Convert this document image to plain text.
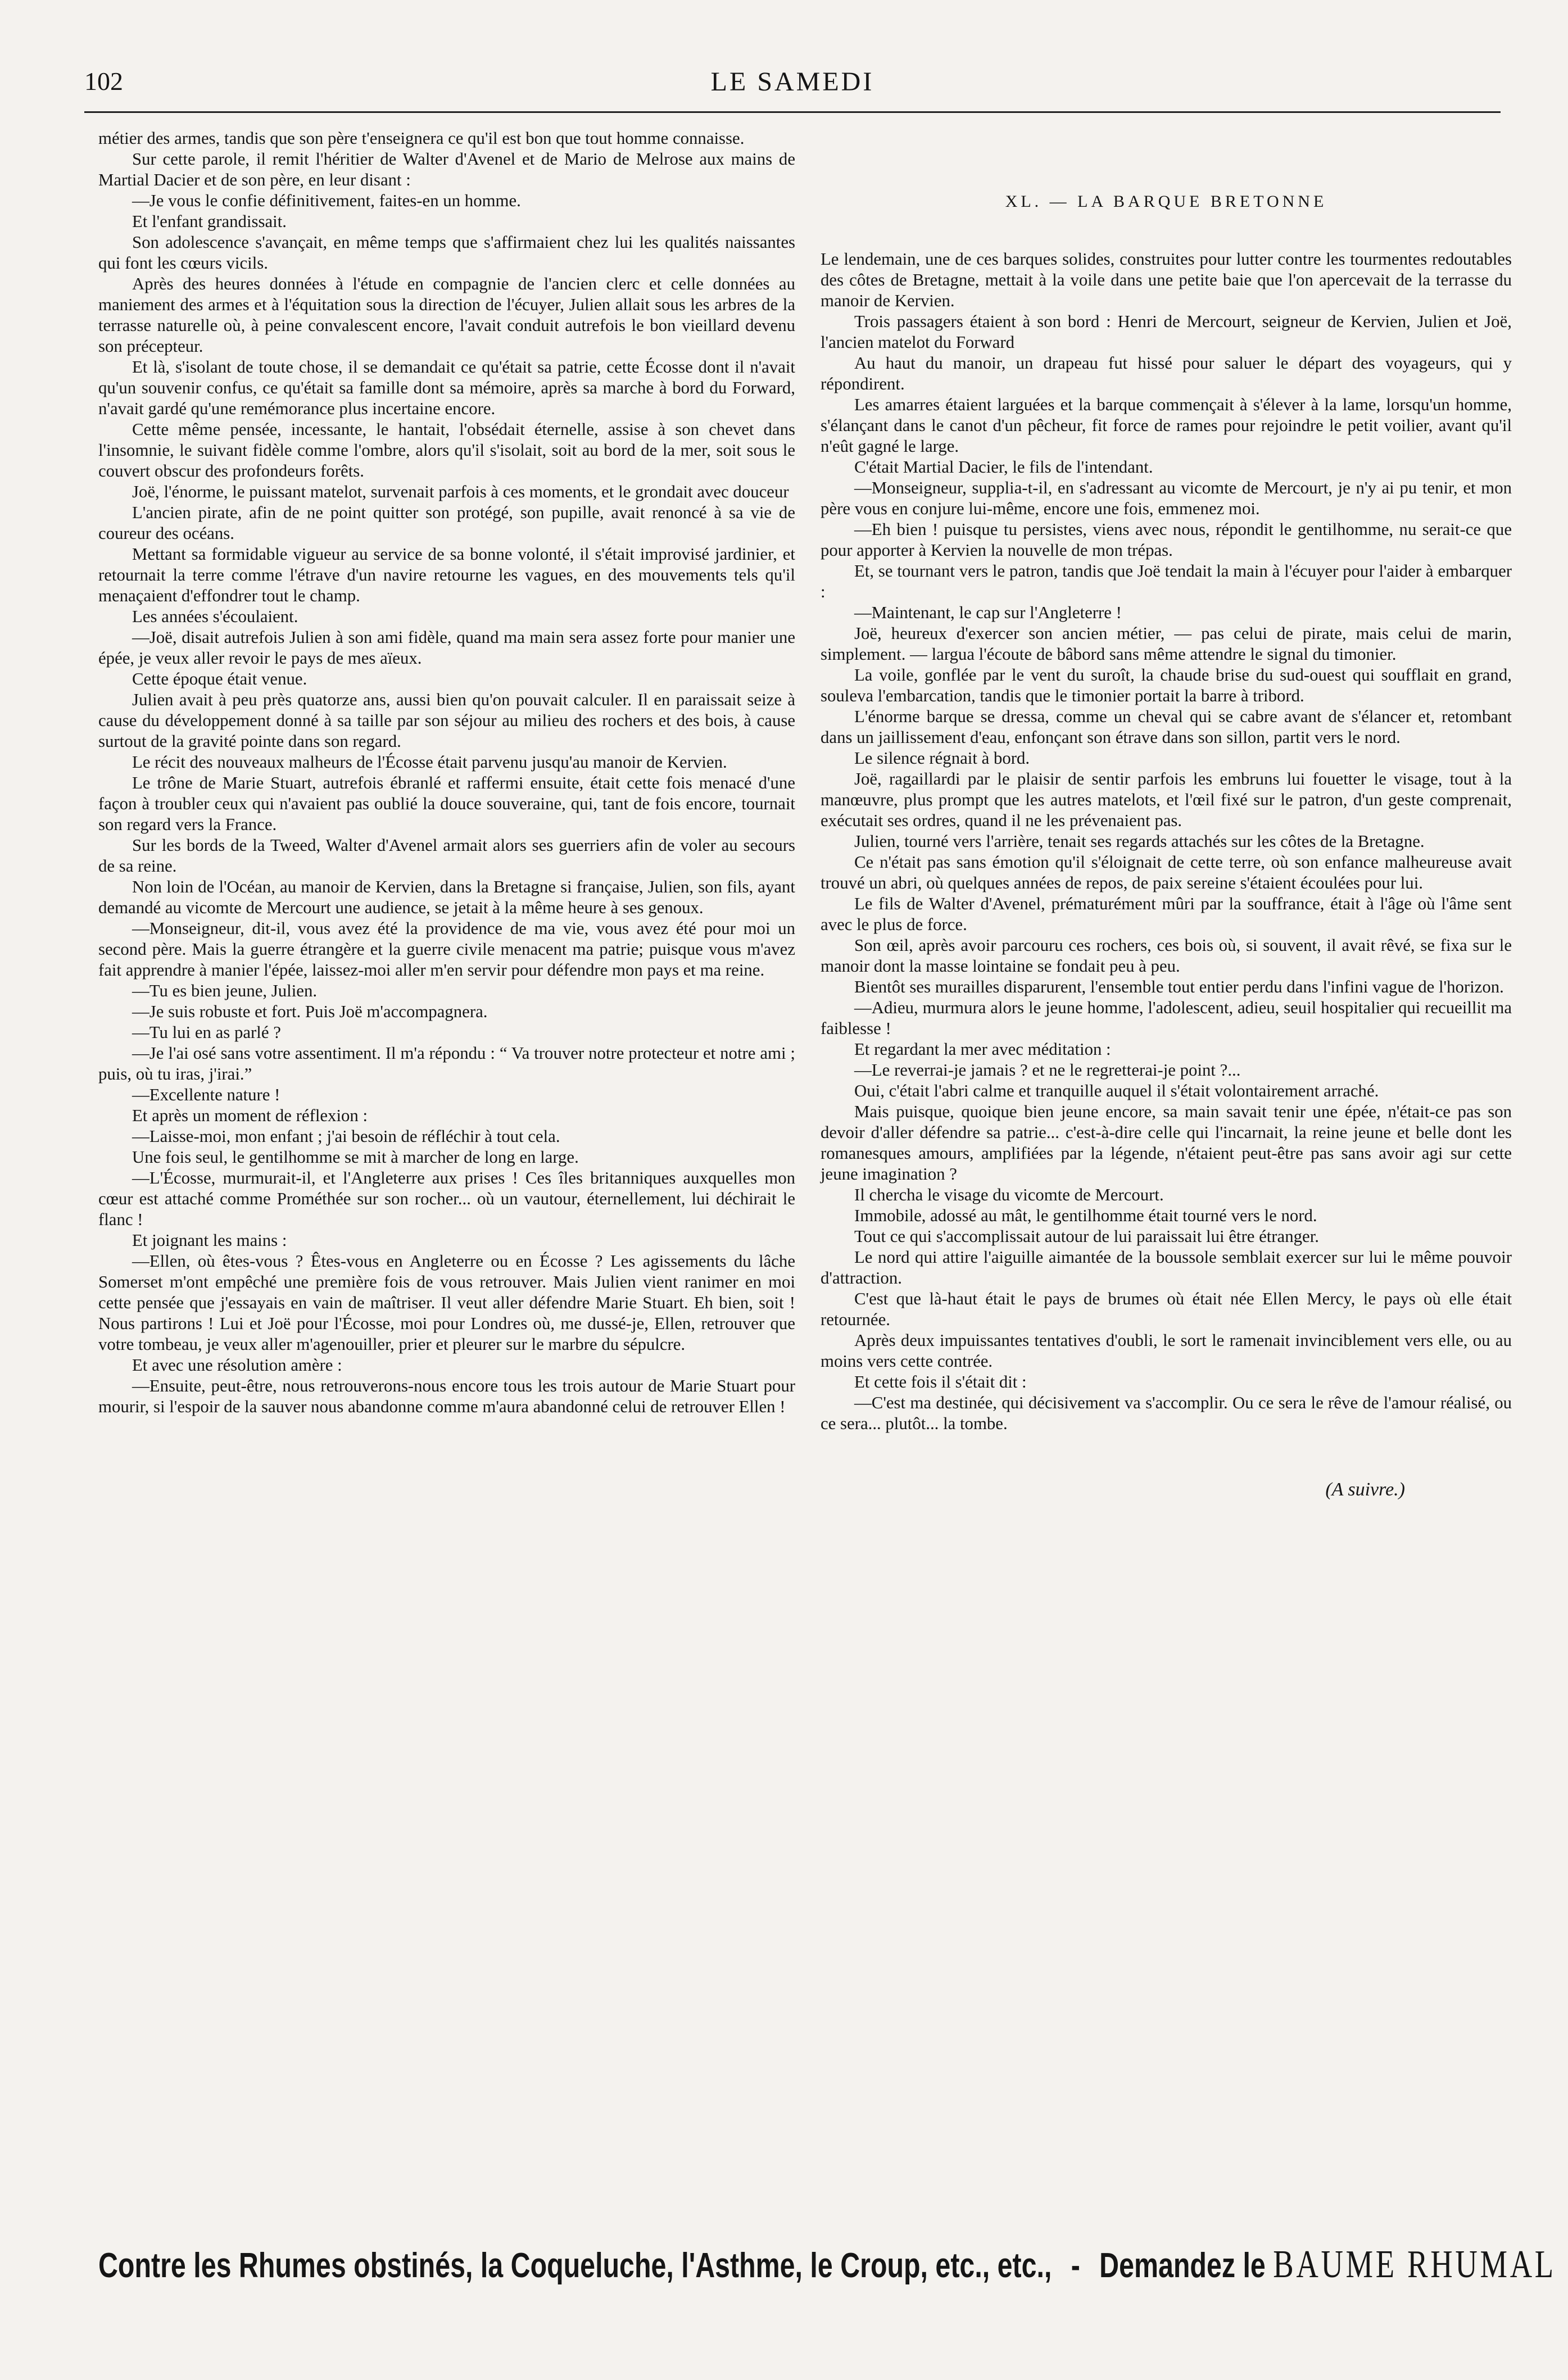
102	LE SAMEDI

métier des armes, tandis que son père t'enseignera ce qu'il est bon que tout homme connaisse.

Sur cette parole, il remit l'héritier de Walter d'Avenel et de Mario de Melrose aux mains de Martial Dacier et de son père, en leur disant :

—Je vous le confie définitivement, faites-en un homme.

Et l'enfant grandissait.

Son adolescence s'avançait, en même temps que s'affirmaient chez lui les qualités naissantes qui font les cœurs vicils.

Après des heures données à l'étude en compagnie de l'ancien clerc et celle données au maniement des armes et à l'équitation sous la direction de l'écuyer, Julien allait sous les arbres de la terrasse naturelle où, à peine convalescent encore, l'avait conduit autrefois le bon vieillard devenu son précepteur.

Et là, s'isolant de toute chose, il se demandait ce qu'était sa patrie, cette Écosse dont il n'avait qu'un souvenir confus, ce qu'était sa famille dont sa mémoire, après sa marche à bord du Forward, n'avait gardé qu'une remémorance plus incertaine encore.

Cette même pensée, incessante, le hantait, l'obsédait éternelle, assise à son chevet dans l'insomnie, le suivant fidèle comme l'ombre, alors qu'il s'isolait, soit au bord de la mer, soit sous le couvert obscur des profondeurs forêts.

Joë, l'énorme, le puissant matelot, survenait parfois à ces moments, et le grondait avec douceur

L'ancien pirate, afin de ne point quitter son protégé, son pupille, avait renoncé à sa vie de coureur des océans.

Mettant sa formidable vigueur au service de sa bonne volonté, il s'était improvisé jardinier, et retournait la terre comme l'étrave d'un navire retourne les vagues, en des mouvements tels qu'il menaçaient d'effondrer tout le champ.

Les années s'écoulaient.

—Joë, disait autrefois Julien à son ami fidèle, quand ma main sera assez forte pour manier une épée, je veux aller revoir le pays de mes aïeux.

Cette époque était venue.

Julien avait à peu près quatorze ans, aussi bien qu'on pouvait calculer. Il en paraissait seize à cause du développement donné à sa taille par son séjour au milieu des rochers et des bois, à cause surtout de la gravité pointe dans son regard.

Le récit des nouveaux malheurs de l'Écosse était parvenu jusqu'au manoir de Kervien.

Le trône de Marie Stuart, autrefois ébranlé et raffermi ensuite, était cette fois menacé d'une façon à troubler ceux qui n'avaient pas oublié la douce souveraine, qui, tant de fois encore, tournait son regard vers la France.

Sur les bords de la Tweed, Walter d'Avenel armait alors ses guerriers afin de voler au secours de sa reine.

Non loin de l'Océan, au manoir de Kervien, dans la Bretagne si française, Julien, son fils, ayant demandé au vicomte de Mercourt une audience, se jetait à la même heure à ses genoux.

—Monseigneur, dit-il, vous avez été la providence de ma vie, vous avez été pour moi un second père. Mais la guerre étrangère et la guerre civile menacent ma patrie; puisque vous m'avez fait apprendre à manier l'épée, laissez-moi aller m'en servir pour défendre mon pays et ma reine.

—Tu es bien jeune, Julien.

—Je suis robuste et fort. Puis Joë m'accompagnera.

—Tu lui en as parlé ?

—Je l'ai osé sans votre assentiment. Il m'a répondu : “ Va trouver notre protecteur et notre ami ; puis, où tu iras, j'irai.”

—Excellente nature !

Et après un moment de réflexion :

—Laisse-moi, mon enfant ; j'ai besoin de réfléchir à tout cela.

Une fois seul, le gentilhomme se mit à marcher de long en large.

—L'Écosse, murmurait-il, et l'Angleterre aux prises ! Ces îles britanniques auxquelles mon cœur est attaché comme Prométhée sur son rocher... où un vautour, éternellement, lui déchirait le flanc !

Et joignant les mains :

—Ellen, où êtes-vous ? Êtes-vous en Angleterre ou en Écosse ? Les agissements du lâche Somerset m'ont empêché une première fois de vous retrouver. Mais Julien vient ranimer en moi cette pensée que j'essayais en vain de maîtriser. Il veut aller défendre Marie Stuart. Eh bien, soit ! Nous partirons ! Lui et Joë pour l'Écosse, moi pour Londres où, me dussé-je, Ellen, retrouver que votre tombeau, je veux aller m'agenouiller, prier et pleurer sur le marbre du sépulcre.

Et avec une résolution amère :

—Ensuite, peut-être, nous retrouverons-nous encore tous les trois autour de Marie Stuart pour mourir, si l'espoir de la sauver nous abandonne comme m'aura abandonné celui de retrouver Ellen !

XL. — LA BARQUE BRETONNE

Le lendemain, une de ces barques solides, construites pour lutter contre les tourmentes redoutables des côtes de Bretagne, mettait à la voile dans une petite baie que l'on apercevait de la terrasse du manoir de Kervien.

Trois passagers étaient à son bord : Henri de Mercourt, seigneur de Kervien, Julien et Joë, l'ancien matelot du Forward

Au haut du manoir, un drapeau fut hissé pour saluer le départ des voyageurs, qui y répondirent.

Les amarres étaient larguées et la barque commençait à s'élever à la lame, lorsqu'un homme, s'élançant dans le canot d'un pêcheur, fit force de rames pour rejoindre le petit voilier, avant qu'il n'eût gagné le large.

C'était Martial Dacier, le fils de l'intendant.

—Monseigneur, supplia-t-il, en s'adressant au vicomte de Mercourt, je n'y ai pu tenir, et mon père vous en conjure lui-même, encore une fois, emmenez moi.

—Eh bien ! puisque tu persistes, viens avec nous, répondit le gentilhomme, nu serait-ce que pour apporter à Kervien la nouvelle de mon trépas.

Et, se tournant vers le patron, tandis que Joë tendait la main à l'écuyer pour l'aider à embarquer :

—Maintenant, le cap sur l'Angleterre !

Joë, heureux d'exercer son ancien métier, — pas celui de pirate, mais celui de marin, simplement. — largua l'écoute de bâbord sans même attendre le signal du timonier.

La voile, gonflée par le vent du suroît, la chaude brise du sud-ouest qui soufflait en grand, souleva l'embarcation, tandis que le timonier portait la barre à tribord.

L'énorme barque se dressa, comme un cheval qui se cabre avant de s'élancer et, retombant dans un jaillissement d'eau, enfonçant son étrave dans son sillon, partit vers le nord.

Le silence régnait à bord.

Joë, ragaillardi par le plaisir de sentir parfois les embruns lui fouetter le visage, tout à la manœuvre, plus prompt que les autres matelots, et l'œil fixé sur le patron, d'un geste comprenait, exécutait ses ordres, quand il ne les prévenaient pas.

Julien, tourné vers l'arrière, tenait ses regards attachés sur les côtes de la Bretagne.

Ce n'était pas sans émotion qu'il s'éloignait de cette terre, où son enfance malheureuse avait trouvé un abri, où quelques années de repos, de paix sereine s'étaient écoulées pour lui.

Le fils de Walter d'Avenel, prématurément mûri par la souffrance, était à l'âge où l'âme sent avec le plus de force.

Son œil, après avoir parcouru ces rochers, ces bois où, si souvent, il avait rêvé, se fixa sur le manoir dont la masse lointaine se fondait peu à peu.

Bientôt ses murailles disparurent, l'ensemble tout entier perdu dans l'infini vague de l'horizon.

—Adieu, murmura alors le jeune homme, l'adolescent, adieu, seuil hospitalier qui recueillit ma faiblesse !

Et regardant la mer avec méditation :

—Le reverrai-je jamais ? et ne le regretterai-je point ?...

Oui, c'était l'abri calme et tranquille auquel il s'était volontairement arraché.

Mais puisque, quoique bien jeune encore, sa main savait tenir une épée, n'était-ce pas son devoir d'aller défendre sa patrie... c'est-à-dire celle qui l'incarnait, la reine jeune et belle dont les romanesques amours, amplifiées par la légende, n'étaient peut-être pas sans avoir agi sur cette jeune imagination ?

Il chercha le visage du vicomte de Mercourt.

Immobile, adossé au mât, le gentilhomme était tourné vers le nord.

Tout ce qui s'accomplissait autour de lui paraissait lui être étranger.

Le nord qui attire l'aiguille aimantée de la boussole semblait exercer sur lui le même pouvoir d'attraction.

C'est que là-haut était le pays de brumes où était née Ellen Mercy, le pays où elle était retournée.

Après deux impuissantes tentatives d'oubli, le sort le ramenait invinciblement vers elle, ou au moins vers cette contrée.

Et cette fois il s'était dit :

—C'est ma destinée, qui décisivement va s'accomplir. Ou ce sera le rêve de l'amour réalisé, ou ce sera... plutôt... la tombe.

(A suivre.)
Contre les Rhumes obstinés, la Coqueluche, l'Asthme, le Croup, etc., etc., - Demandez le BAUME RHUMAL
